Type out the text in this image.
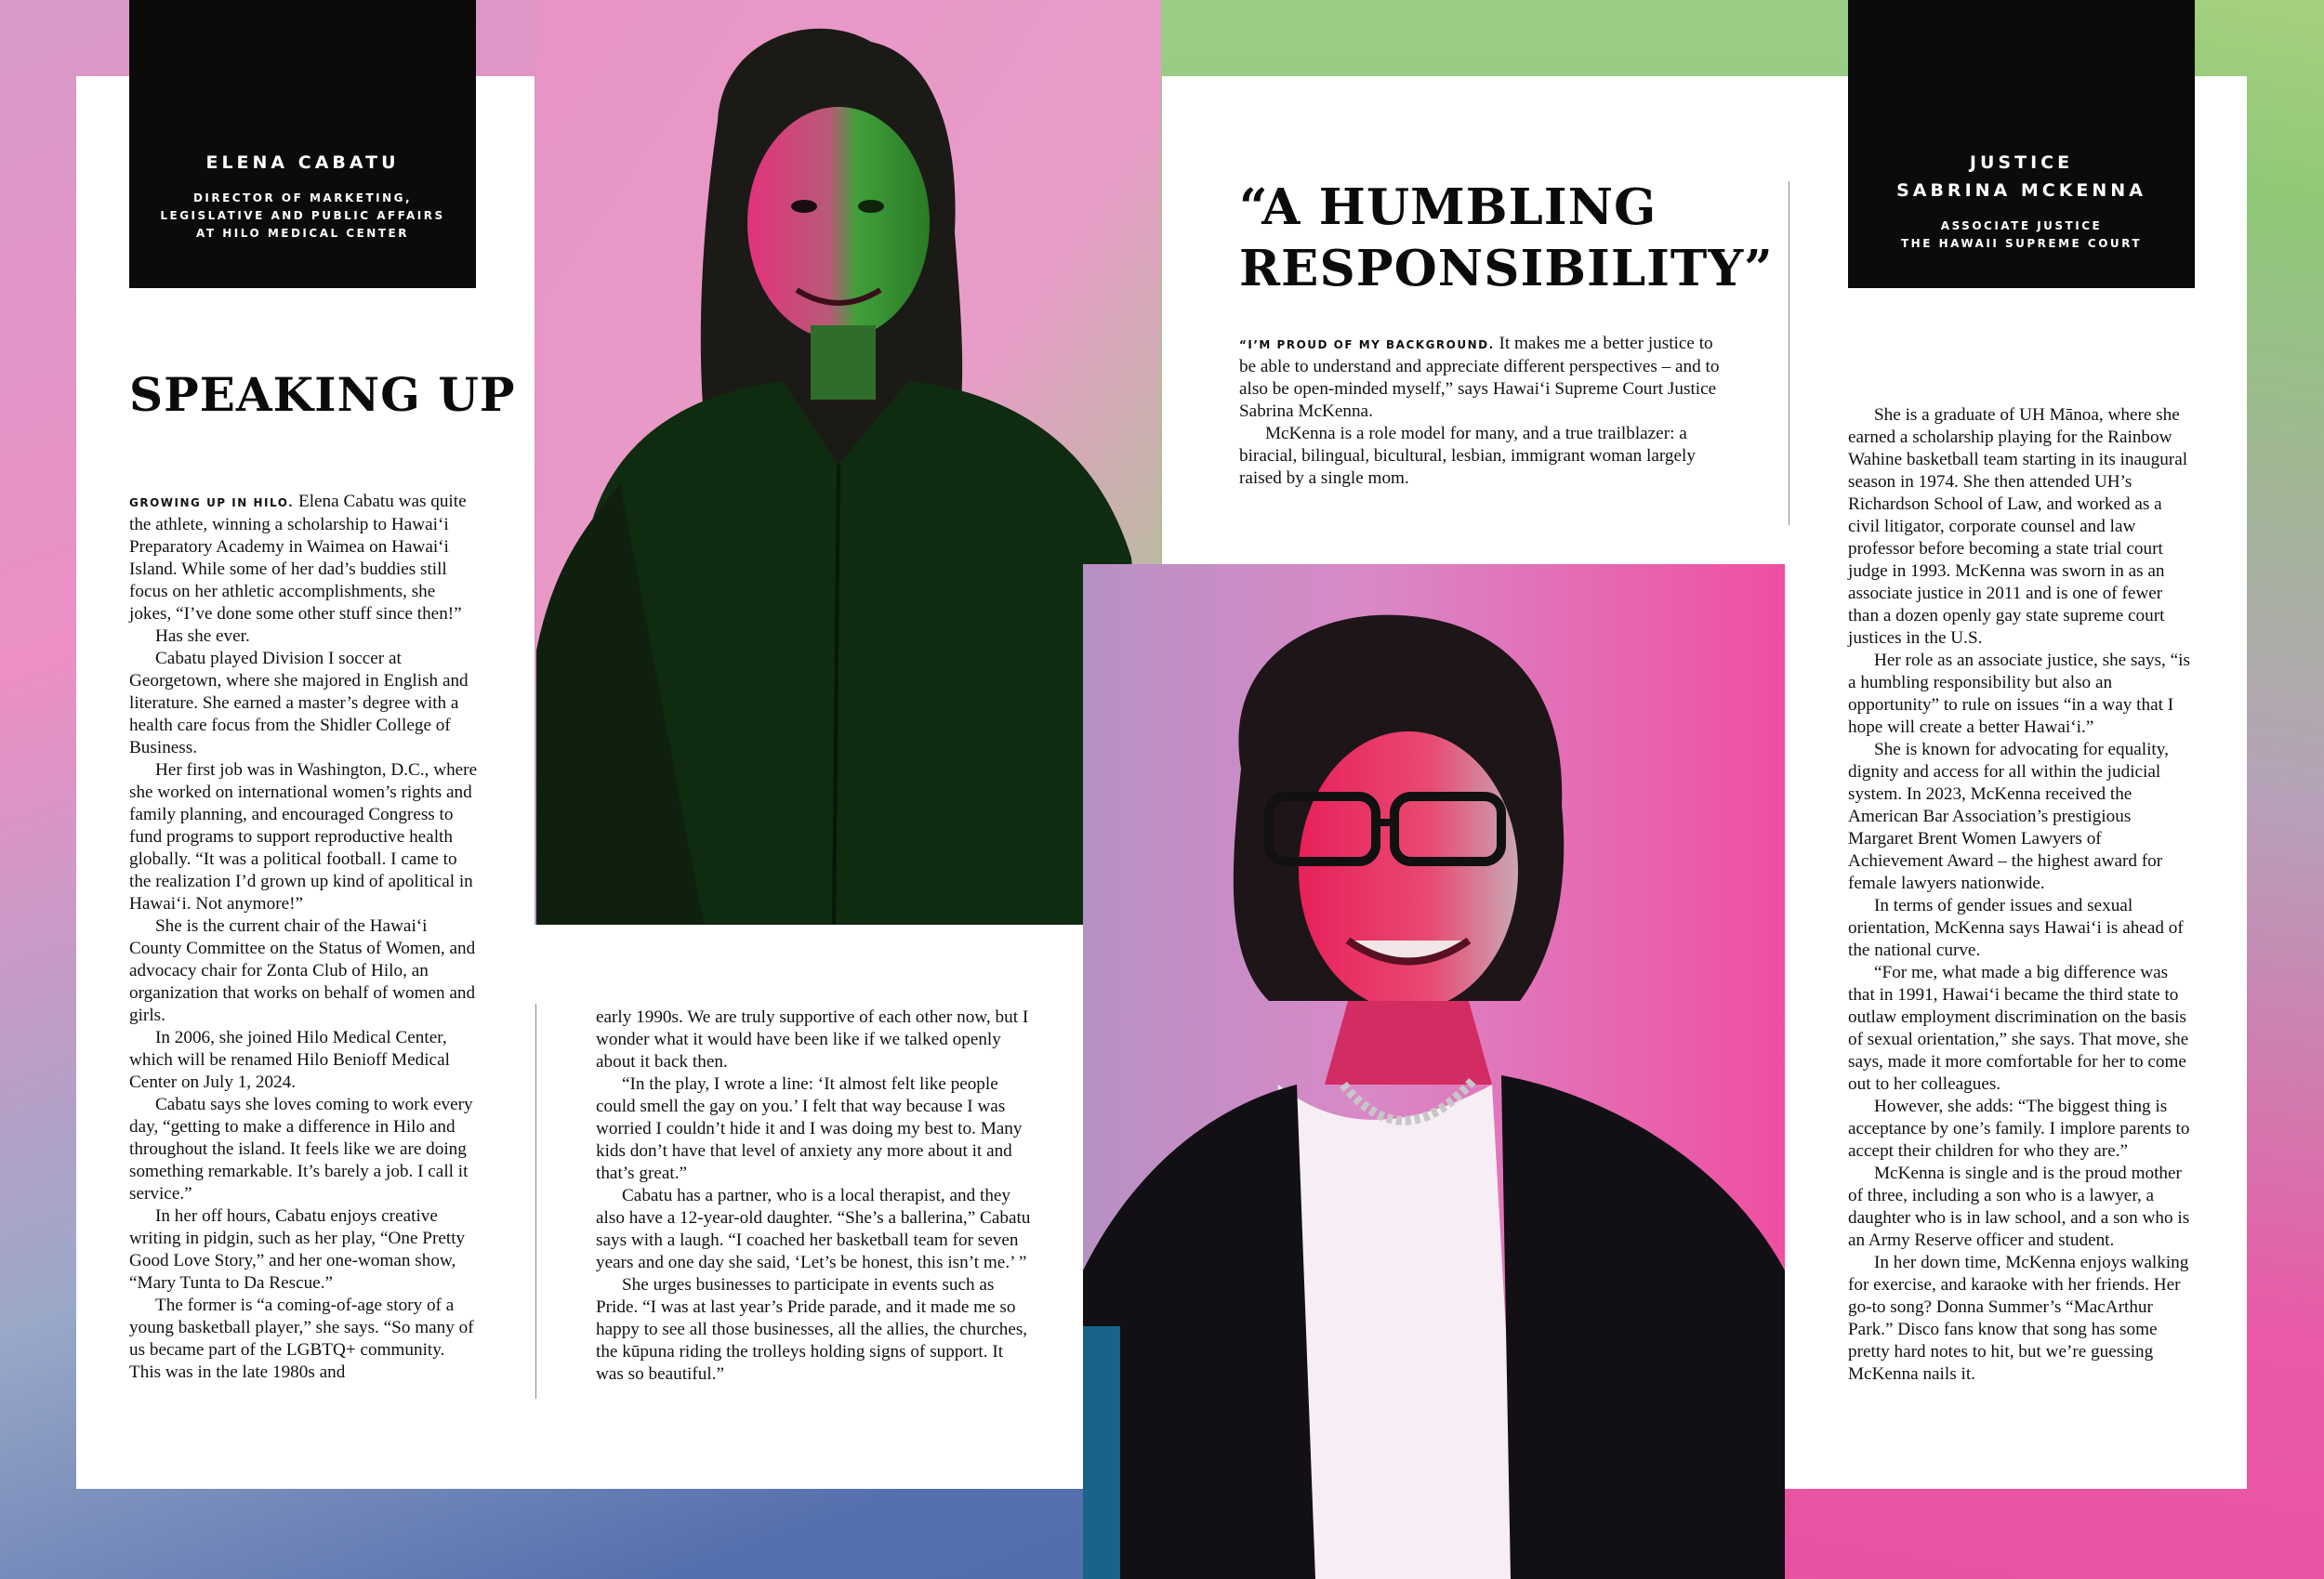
ELENA CABATU
DIRECTOR OF MARKETING,
LEGISLATIVE AND PUBLIC AFFAIRS
AT HILO MEDICAL CENTER
JUSTICE
SABRINA MCKENNA
ASSOCIATE JUSTICE
THE HAWAII SUPREME COURT
SPEAKING UP
“A HUMBLING
RESPONSIBILITY”

GROWING UP IN HILO. Elena Cabatu was quite the athlete, winning a scholarship to Hawaiʻi Preparatory Academy in Waimea on Hawaiʻi Island. While some of her dad’s buddies still focus on her athletic accomplishments, she jokes, “I’ve done some other stuff since then!”

Has she ever.

Cabatu played Division I soccer at Georgetown, where she majored in English and literature. She earned a master’s degree with a health care focus from the Shidler College of Business.

Her first job was in Washington, D.C., where she worked on international women’s rights and family planning, and encouraged Congress to fund programs to support reproductive health globally. “It was a political football. I came to the realization I’d grown up kind of apolitical in Hawaiʻi. Not anymore!”

She is the current chair of the Hawaiʻi County Committee on the Status of Women, and advocacy chair for Zonta Club of Hilo, an organization that works on behalf of women and girls.

In 2006, she joined Hilo Medical Center, which will be renamed Hilo Benioff Medical Center on July 1, 2024.

Cabatu says she loves coming to work every day, “getting to make a difference in Hilo and throughout the island. It feels like we are doing something remarkable. It’s barely a job. I call it service.”

In her off hours, Cabatu enjoys creative writing in pidgin, such as her play, “One Pretty Good Love Story,” and her one-woman show, “Mary Tunta to Da Rescue.”

The former is “a coming-of-age story of a young basketball player,” she says. “So many of us became part of the LGBTQ+ community. This was in the late 1980s and

early 1990s. We are truly supportive of each other now, but I wonder what it would have been like if we talked openly about it back then.

“In the play, I wrote a line: ‘It almost felt like people could smell the gay on you.’ I felt that way because I was worried I couldn’t hide it and I was doing my best to. Many kids don’t have that level of anxiety any more about it and that’s great.”

Cabatu has a partner, who is a local therapist, and they also have a 12-year-old daughter. “She’s a ballerina,” Cabatu says with a laugh. “I coached her basketball team for seven years and one day she said, ‘Let’s be honest, this isn’t me.’ ”

She urges businesses to participate in events such as Pride. “I was at last year’s Pride parade, and it made me so happy to see all those businesses, all the allies, the churches, the kūpuna riding the trolleys holding signs of support. It was so beautiful.”

“I’M PROUD OF MY BACKGROUND. It makes me a better justice to be able to understand and appreciate different perspectives – and to also be open-minded myself,” says Hawaiʻi Supreme Court Justice Sabrina McKenna.

McKenna is a role model for many, and a true trailblazer: a biracial, bilingual, bicultural, lesbian, immigrant woman largely raised by a single mom.

She is a graduate of UH Mānoa, where she earned a scholarship playing for the Rainbow Wahine basketball team starting in its inaugural season in 1974. She then attended UH’s Richardson School of Law, and worked as a civil litigator, corporate counsel and law professor before becoming a state trial court judge in 1993. McKenna was sworn in as an associate justice in 2011 and is one of fewer than a dozen openly gay state supreme court justices in the U.S.

Her role as an associate justice, she says, “is a humbling responsibility but also an opportunity” to rule on issues “in a way that I hope will create a better Hawaiʻi.”

She is known for advocating for equality, dignity and access for all within the judicial system. In 2023, McKenna received the American Bar Association’s prestigious Margaret Brent Women Lawyers of Achievement Award – the highest award for female lawyers nationwide.

In terms of gender issues and sexual orientation, McKenna says Hawaiʻi is ahead of the national curve.

“For me, what made a big difference was that in 1991, Hawaiʻi became the third state to outlaw employment discrimination on the basis of sexual orientation,” she says. That move, she says, made it more comfortable for her to come out to her colleagues.

However, she adds: “The biggest thing is acceptance by one’s family. I implore parents to accept their children for who they are.”

McKenna is single and is the proud mother of three, including a son who is a lawyer, a daughter who is in law school, and a son who is an Army Reserve officer and student.

In her down time, McKenna enjoys walking for exercise, and karaoke with her friends. Her go-to song? Donna Summer’s “MacArthur Park.” Disco fans know that song has some pretty hard notes to hit, but we’re guessing McKenna nails it.
